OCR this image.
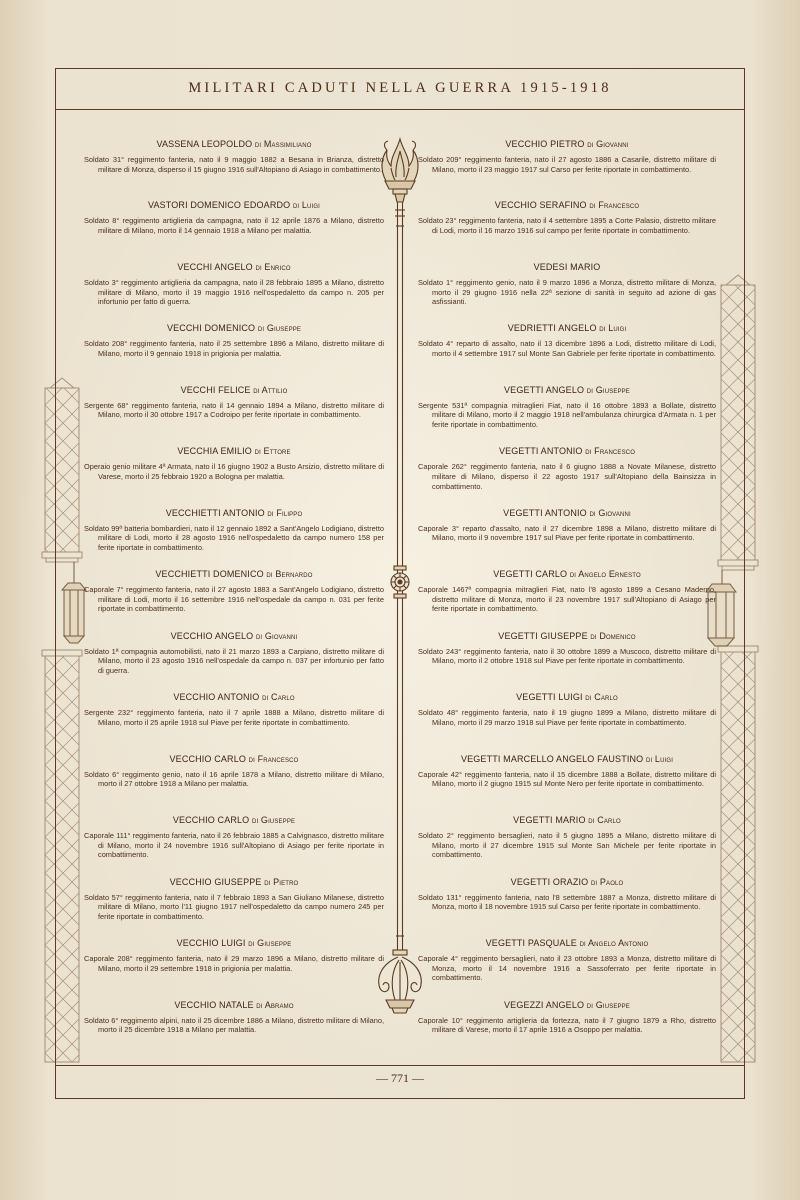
MILITARI CADUTI NELLA GUERRA 1915-1918
VASSENA LEOPOLDO di Massimiliano

Soldato 31° reggimento fanteria, nato il 9 maggio 1882 a Besana in Brianza, distretto militare di Monza, disperso il 15 giugno 1916 sull'Altopiano di Asiago in combattimento.

VASTORI DOMENICO EDOARDO di Luigi

Soldato 8° reggimento artiglieria da campagna, nato il 12 aprile 1876 a Milano, distretto militare di Milano, morto il 14 gennaio 1918 a Milano per malattia.

VECCHI ANGELO di Enrico

Soldato 3° reggimento artiglieria da campagna, nato il 28 febbraio 1895 a Milano, distretto militare di Milano, morto il 19 maggio 1916 nell'ospedaletto da campo n. 205 per infortunio per fatto di guerra.

VECCHI DOMENICO di Giuseppe

Soldato 208° reggimento fanteria, nato il 25 settembre 1896 a Milano, distretto militare di Milano, morto il 9 gennaio 1918 in prigionia per malattia.

VECCHI FELICE di Attilio

Sergente 68° reggimento fanteria, nato il 14 gennaio 1894 a Milano, distretto militare di Milano, morto il 30 ottobre 1917 a Codroipo per ferite riportate in combattimento.

VECCHIA EMILIO di Ettore

Operaio genio militare 4ª Armata, nato il 16 giugno 1902 a Busto Arsizio, distretto militare di Varese, morto il 25 febbraio 1920 a Bologna per malattia.

VECCHIETTI ANTONIO di Filippo

Soldato 99ª batteria bombardieri, nato il 12 gennaio 1892 a Sant'Angelo Lodigiano, distretto militare di Lodi, morto il 28 agosto 1916 nell'ospedaletto da campo numero 158 per ferite riportate in combattimento.

VECCHIETTI DOMENICO di Bernardo

Caporale 7° reggimento fanteria, nato il 27 agosto 1883 a Sant'Angelo Lodigiano, distretto militare di Lodi, morto il 16 settembre 1916 nell'ospedale da campo n. 031 per ferite riportate in combattimento.

VECCHIO ANGELO di Giovanni

Soldato 1ª compagnia automobilisti, nato il 21 marzo 1893 a Carpiano, distretto militare di Milano, morto il 23 agosto 1916 nell'ospedale da campo n. 037 per infortunio per fatto di guerra.

VECCHIO ANTONIO di Carlo

Sergente 232° reggimento fanteria, nato il 7 aprile 1888 a Milano, distretto militare di Milano, morto il 25 aprile 1918 sul Piave per ferite riportate in combattimento.

VECCHIO CARLO di Francesco

Soldato 6° reggimento genio, nato il 16 aprile 1878 a Milano, distretto militare di Milano, morto il 27 ottobre 1918 a Milano per malattia.

VECCHIO CARLO di Giuseppe

Caporale 111° reggimento fanteria, nato il 26 febbraio 1885 a Calvignasco, distretto militare di Milano, morto il 24 novembre 1916 sull'Altopiano di Asiago per ferite riportate in combattimento.

VECCHIO GIUSEPPE di Pietro

Soldato 57° reggimento fanteria, nato il 7 febbraio 1893 a San Giuliano Milanese, distretto militare di Milano, morto l'11 giugno 1917 nell'ospedaletto da campo numero 245 per ferite riportate in combattimento.

VECCHIO LUIGI di Giuseppe

Caporale 208° reggimento fanteria, nato il 29 marzo 1896 a Milano, distretto militare di Milano, morto il 29 settembre 1918 in prigionia per malattia.

VECCHIO NATALE di Abramo

Soldato 6° reggimento alpini, nato il 25 dicembre 1886 a Milano, distretto militare di Milano, morto il 25 dicembre 1918 a Milano per malattia.

VECCHIO PIETRO di Giovanni

Soldato 209° reggimento fanteria, nato il 27 agosto 1886 a Casarile, distretto militare di Milano, morto il 23 maggio 1917 sul Carso per ferite riportate in combattimento.

VECCHIO SERAFINO di Francesco

Soldato 23° reggimento fanteria, nato il 4 settembre 1895 a Corte Palasio, distretto militare di Lodi, morto il 16 marzo 1916 sul campo per ferite riportate in combattimento.

VEDESI MARIO

Soldato 1° reggimento genio, nato il 9 marzo 1896 a Monza, distretto militare di Monza, morto il 29 giugno 1916 nella 22ª sezione di sanità in seguito ad azione di gas asfissianti.

VEDRIETTI ANGELO di Luigi

Soldato 4° reparto di assalto, nato il 13 dicembre 1896 a Lodi, distretto militare di Lodi, morto il 4 settembre 1917 sul Monte San Gabriele per ferite riportate in combattimento.

VEGETTI ANGELO di Giuseppe

Sergente 531ª compagnia mitraglieri Fiat, nato il 16 ottobre 1893 a Bollate, distretto militare di Milano, morto il 2 maggio 1918 nell'ambulanza chirurgica d'Armata n. 1 per ferite riportate in combattimento.

VEGETTI ANTONIO di Francesco

Caporale 262° reggimento fanteria, nato il 6 giugno 1888 a Novate Milanese, distretto militare di Milano, disperso il 22 agosto 1917 sull'Altopiano della Bainsizza in combattimento.

VEGETTI ANTONIO di Giovanni

Caporale 3° reparto d'assalto, nato il 27 dicembre 1898 a Milano, distretto militare di Milano, morto il 9 novembre 1917 sul Piave per ferite riportate in combattimento.

VEGETTI CARLO di Angelo Ernesto

Caporale 1467ª compagnia mitraglieri Fiat, nato l'8 agosto 1899 a Cesano Maderno, distretto militare di Monza, morto il 23 novembre 1917 sull'Altopiano di Asiago per ferite riportate in combattimento.

VEGETTI GIUSEPPE di Domenico

Soldato 243° reggimento fanteria, nato il 30 ottobre 1899 a Muscoco, distretto militare di Milano, morto il 2 ottobre 1918 sul Piave per ferite riportate in combattimento.

VEGETTI LUIGI di Carlo

Soldato 48° reggimento fanteria, nato il 19 giugno 1899 a Milano, distretto militare di Milano, morto il 29 marzo 1918 sul Piave per ferite riportate in combattimento.

VEGETTI MARCELLO ANGELO FAUSTINO di Luigi

Caporale 42° reggimento fanteria, nato il 15 dicembre 1888 a Bollate, distretto militare di Milano, morto il 2 giugno 1915 sul Monte Nero per ferite riportate in combattimento.

VEGETTI MARIO di Carlo

Soldato 2° reggimento bersaglieri, nato il 5 giugno 1895 a Milano, distretto militare di Milano, morto il 27 dicembre 1915 sul Monte San Michele per ferite riportate in combattimento.

VEGETTI ORAZIO di Paolo

Soldato 131° reggimento fanteria, nato l'8 settembre 1887 a Monza, distretto militare di Monza, morto il 18 novembre 1915 sul Carso per ferite riportate in combattimento.

VEGETTI PASQUALE di Angelo Antonio

Caporale 4° reggimento bersaglieri, nato il 23 ottobre 1893 a Monza, distretto militare di Monza, morto il 14 novembre 1916 a Sassoferrato per ferite riportate in combattimento.

VEGEZZI ANGELO di Giuseppe

Caporale 10° reggimento artiglieria da fortezza, nato il 7 giugno 1879 a Rho, distretto militare di Varese, morto il 17 aprile 1916 a Osoppo per malattia.

— 771 —
